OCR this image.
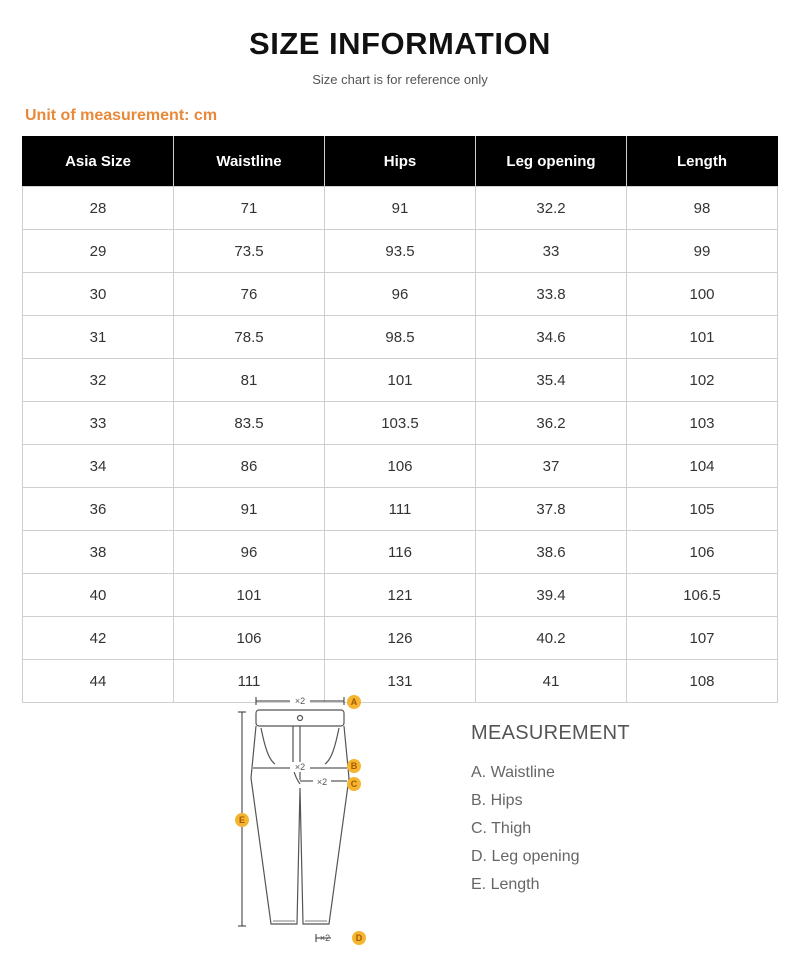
SIZE INFORMATION
Size chart is for reference only
Unit of measurement: cm
Asia Size	Waistline	Hips	Leg opening	Length
28	71	91	32.2	98
29	73.5	93.5	33	99
30	76	96	33.8	100
31	78.5	98.5	34.6	101
32	81	101	35.4	102
33	83.5	103.5	36.2	103
34	86	106	37	104
36	91	111	37.8	105
38	96	116	38.6	106
40	101	121	39.4	106.5
42	106	126	40.2	107
44	111	131	41	108
×2
×2
×2
×2
A
B
C
D
E
MEASUREMENT
A. Waistline
B. Hips
C. Thigh
D. Leg opening
E. Length
